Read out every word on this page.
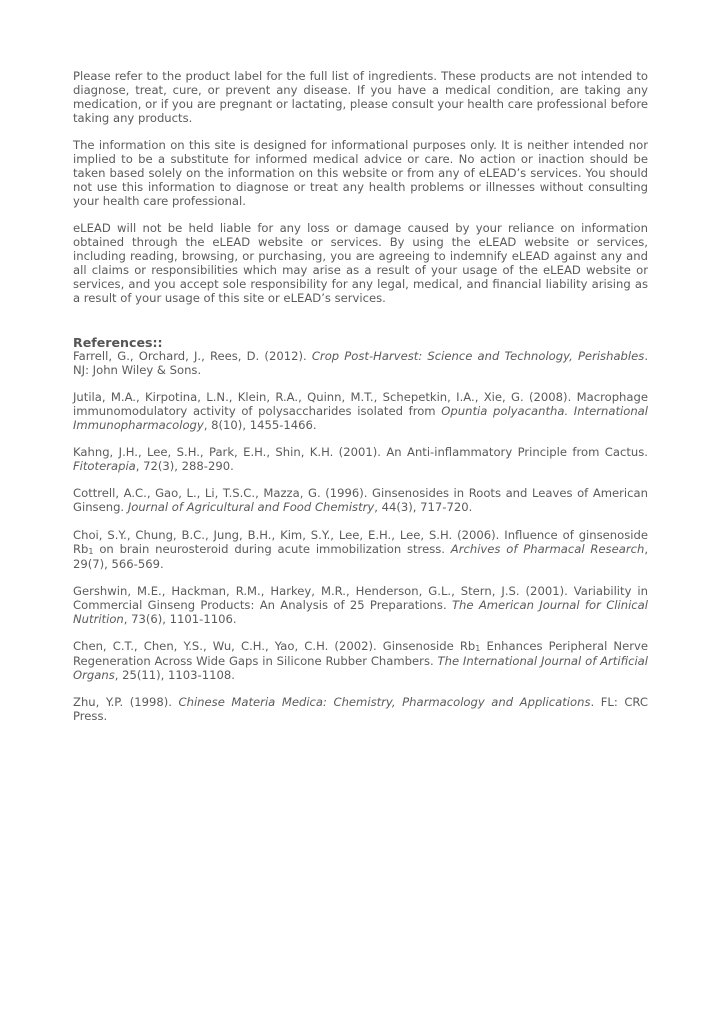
Please refer to the product label for the full list of ingredients. These products are not intended to diagnose, treat, cure, or prevent any disease. If you have a medical condition, are taking any medication, or if you are pregnant or lactating, please consult your health care professional before taking any products.

The information on this site is designed for informational purposes only. It is neither intended nor implied to be a substitute for informed medical advice or care. No action or inaction should be taken based solely on the information on this website or from any of eLEAD’s services. You should not use this information to diagnose or treat any health problems or illnesses without consulting your health care professional.

eLEAD will not be held liable for any loss or damage caused by your reliance on information obtained through the eLEAD website or services. By using the eLEAD website or services, including reading, browsing, or purchasing, you are agreeing to indemnify eLEAD against any and all claims or responsibilities which may arise as a result of your usage of the eLEAD website or services, and you accept sole responsibility for any legal, medical, and financial liability arising as a result of your usage of this site or eLEAD’s services.

References::

Farrell, G., Orchard, J., Rees, D. (2012). Crop Post-Harvest: Science and Technology, Perishables. NJ: John Wiley & Sons.

Jutila, M.A., Kirpotina, L.N., Klein, R.A., Quinn, M.T., Schepetkin, I.A., Xie, G. (2008). Macrophage immunomodulatory activity of polysaccharides isolated from Opuntia polyacantha. International Immunopharmacology, 8(10), 1455-1466.

Kahng, J.H., Lee, S.H., Park, E.H., Shin, K.H. (2001). An Anti-inflammatory Principle from Cactus. Fitoterapia, 72(3), 288-290.

Cottrell, A.C., Gao, L., Li, T.S.C., Mazza, G. (1996). Ginsenosides in Roots and Leaves of American Ginseng. Journal of Agricultural and Food Chemistry, 44(3), 717-720.

Choi, S.Y., Chung, B.C., Jung, B.H., Kim, S.Y., Lee, E.H., Lee, S.H. (2006). Influence of ginsenoside $Rb_1$ on brain neurosteroid during acute immobilization stress. Archives of Pharmacal Research, 29(7), 566-569.

Gershwin, M.E., Hackman, R.M., Harkey, M.R., Henderson, G.L., Stern, J.S. (2001). Variability in Commercial Ginseng Products: An Analysis of 25 Preparations. The American Journal for Clinical Nutrition, 73(6), 1101-1106.

Chen, C.T., Chen, Y.S., Wu, C.H., Yao, C.H. (2002). Ginsenoside $Rb_1$ Enhances Peripheral Nerve Regeneration Across Wide Gaps in Silicone Rubber Chambers. The International Journal of Artificial Organs, 25(11), 1103-1108.

Zhu, Y.P. (1998). Chinese Materia Medica: Chemistry, Pharmacology and Applications. FL: CRC Press.
